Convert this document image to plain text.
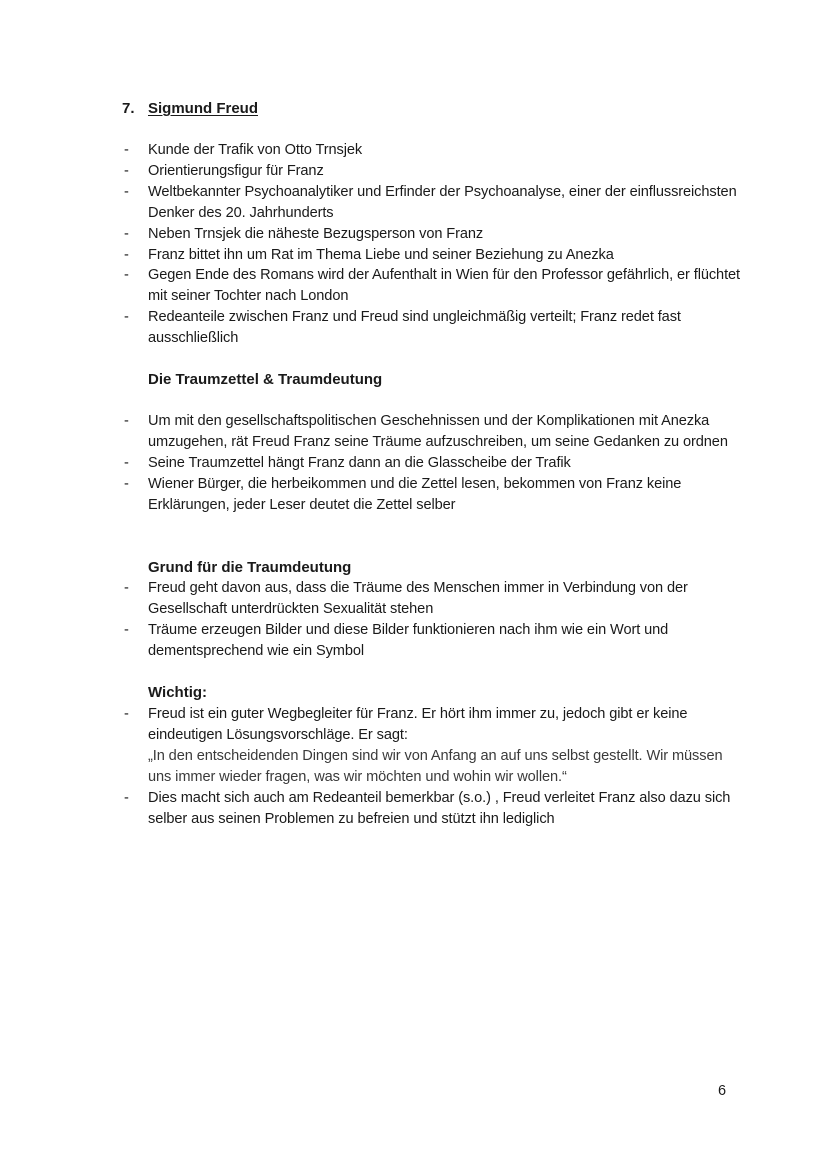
7. Sigmund Freud
- Kunde der Trafik von Otto Trnsjek
- Orientierungsfigur für Franz
- Weltbekannter Psychoanalytiker und Erfinder der Psychoanalyse, einer der einflussreichsten Denker des 20. Jahrhunderts
- Neben Trnsjek die näheste Bezugsperson von Franz
- Franz bittet ihn um Rat im Thema Liebe und seiner Beziehung zu Anezka
- Gegen Ende des Romans wird der Aufenthalt in Wien für den Professor gefährlich, er flüchtet mit seiner Tochter nach London
- Redeanteile zwischen Franz und Freud sind ungleichmäßig verteilt; Franz redet fast ausschließlich
Die Traumzettel & Traumdeutung
- Um mit den gesellschaftspolitischen Geschehnissen und der Komplikationen mit Anezka umzugehen, rät Freud Franz seine Träume aufzuschreiben, um seine Gedanken zu ordnen
- Seine Traumzettel hängt Franz dann an die Glasscheibe der Trafik
- Wiener Bürger, die herbeikommen und die Zettel lesen, bekommen von Franz keine Erklärungen, jeder Leser deutet die Zettel selber
Grund für die Traumdeutung
- Freud geht davon aus, dass die Träume des Menschen immer in Verbindung von der Gesellschaft unterdrückten Sexualität stehen
- Träume erzeugen Bilder und diese Bilder funktionieren nach ihm wie ein Wort und dementsprechend wie ein Symbol
Wichtig:
- Freud ist ein guter Wegbegleiter für Franz. Er hört ihm immer zu, jedoch gibt er keine eindeutigen Lösungsvorschläge. Er sagt:
„In den entscheidenden Dingen sind wir von Anfang an auf uns selbst gestellt. Wir müssen uns immer wieder fragen, was wir möchten und wohin wir wollen.“
- Dies macht sich auch am Redeanteil bemerkbar (s.o.) , Freud verleitet Franz also dazu sich selber aus seinen Problemen zu befreien und stützt ihn lediglich
6
